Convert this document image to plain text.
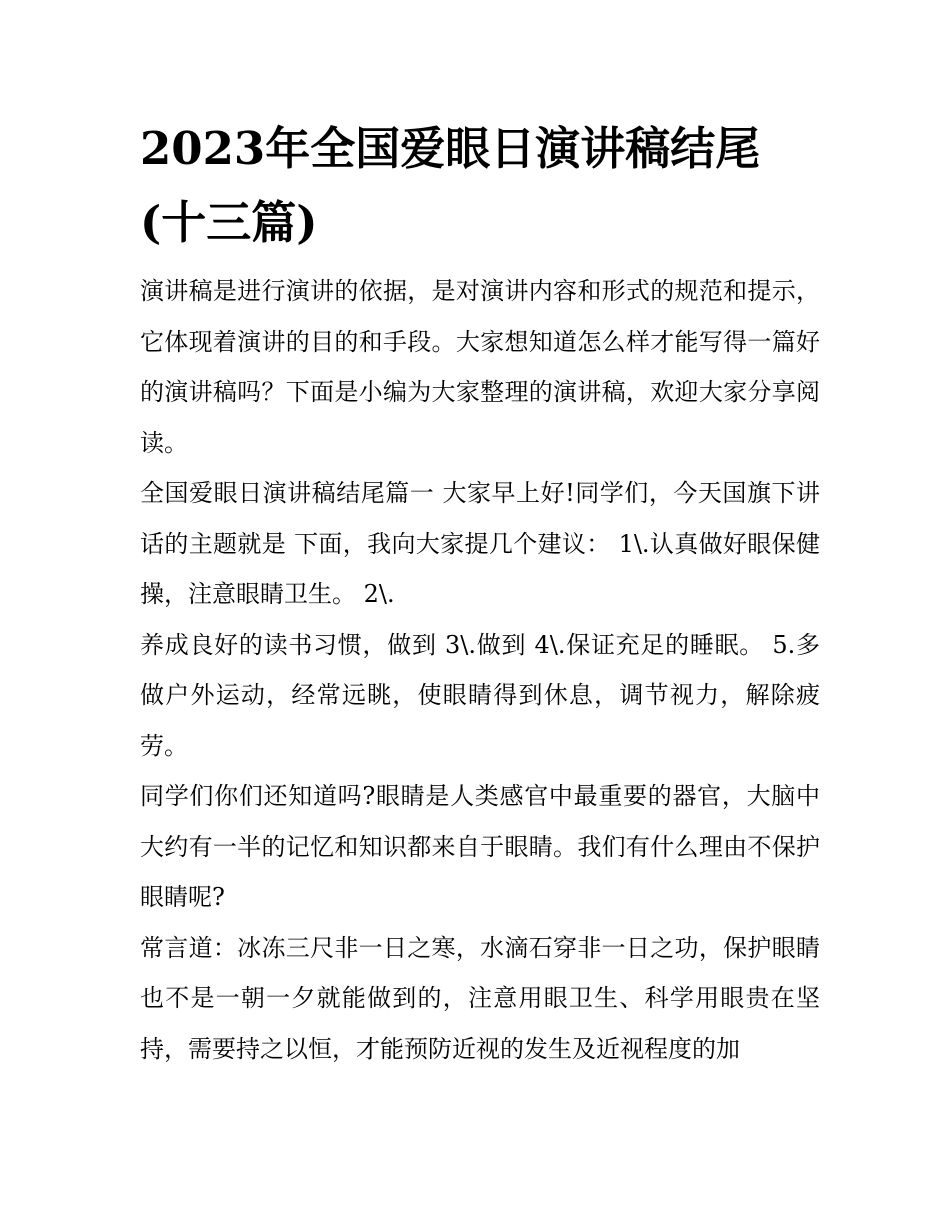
2023年全国爱眼日演讲稿结尾(十三篇)

演讲稿是进行演讲的依据，是对演讲内容和形式的规范和提示，它体现着演讲的目的和手段。大家想知道怎么样才能写得一篇好的演讲稿吗？下面是小编为大家整理的演讲稿，欢迎大家分享阅读。

全国爱眼日演讲稿结尾篇一 大家早上好!同学们，今天国旗下讲话的主题就是 下面，我向大家提几个建议： 1\.认真做好眼保健操，注意眼睛卫生。 2\.

养成良好的读书习惯，做到 3\.做到 4\.保证充足的睡眠。 5.多做户外运动，经常远眺，使眼睛得到休息，调节视力，解除疲劳。

同学们你们还知道吗?眼睛是人类感官中最重要的器官，大脑中大约有一半的记忆和知识都来自于眼睛。我们有什么理由不保护眼睛呢?

常言道：冰冻三尺非一日之寒，水滴石穿非一日之功，保护眼睛也不是一朝一夕就能做到的，注意用眼卫生、科学用眼贵在坚持，需要持之以恒，才能预防近视的发生及近视程度的加
